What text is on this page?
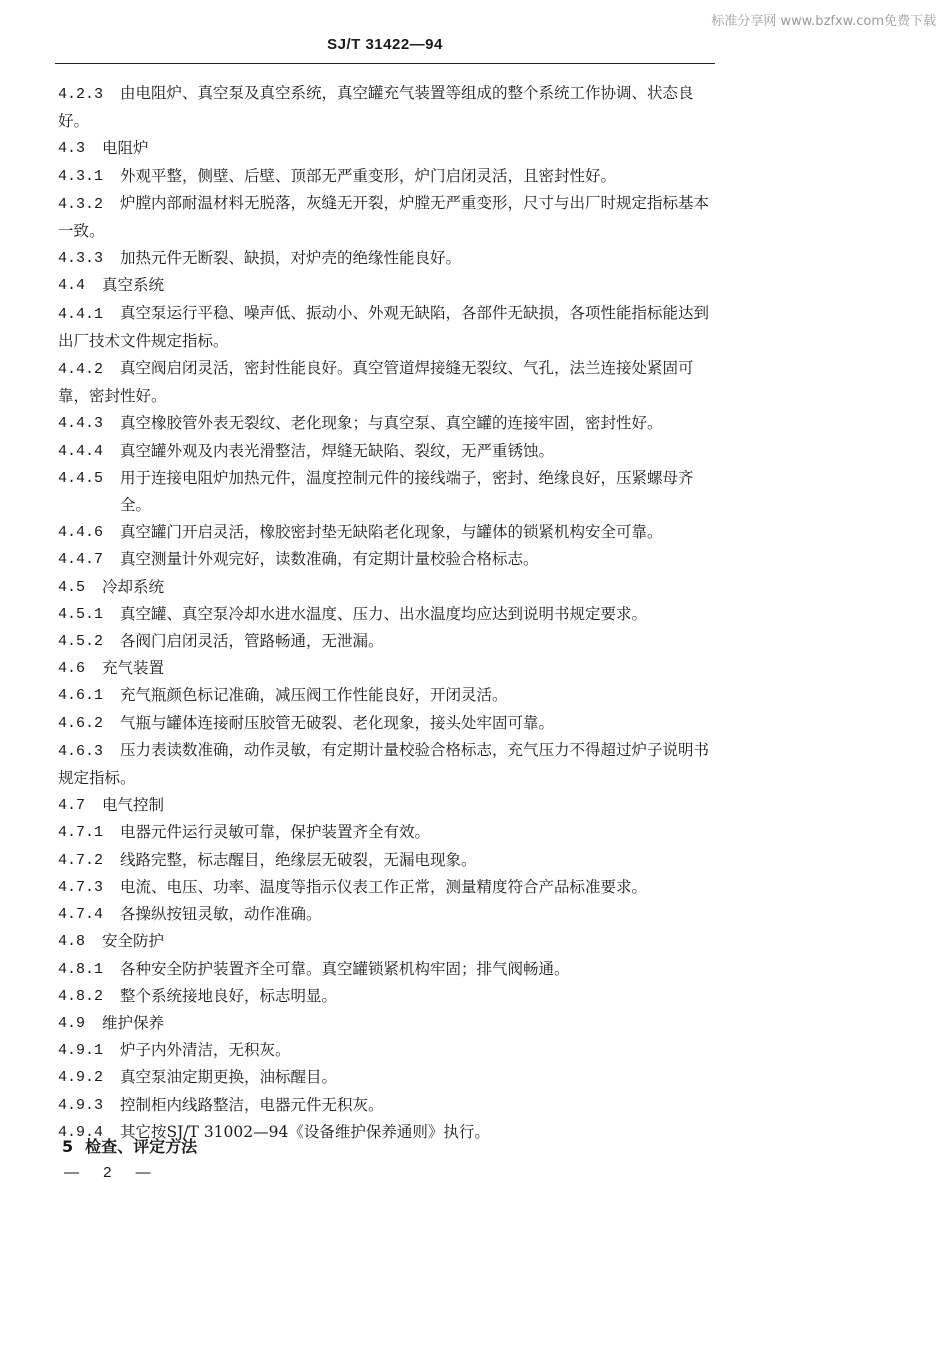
标准分享网 www.bzfxw.com免费下载
SJ/T 31422—94
4.2.3 由电阻炉、真空泵及真空系统，真空罐充气装置等组成的整个系统工作协调、状态良好。
4.3	电阻炉
4.3.1	外观平整，侧壁、后壁、顶部无严重变形，炉门启闭灵活，且密封性好。
4.3.2 炉膛内部耐温材料无脱落，灰缝无开裂，炉膛无严重变形，尺寸与出厂时规定指标基本一致。
4.3.3	加热元件无断裂、缺损，对炉壳的绝缘性能良好。
4.4	真空系统
4.4.1 真空泵运行平稳、噪声低、振动小、外观无缺陷，各部件无缺损，各项性能指标能达到出厂技术文件规定指标。
4.4.2 真空阀启闭灵活，密封性能良好。真空管道焊接缝无裂纹、气孔，法兰连接处紧固可靠，密封性好。
4.4.3	真空橡胶管外表无裂纹、老化现象；与真空泵、真空罐的连接牢固，密封性好。
4.4.4	真空罐外观及内表光滑整洁，焊缝无缺陷、裂纹，无严重锈蚀。
4.4.5	用于连接电阻炉加热元件，温度控制元件的接线端子，密封、绝缘良好，压紧螺母齐全。
4.4.6	真空罐门开启灵活，橡胶密封垫无缺陷老化现象，与罐体的锁紧机构安全可靠。
4.4.7	真空测量计外观完好，读数准确，有定期计量校验合格标志。
4.5	冷却系统
4.5.1	真空罐、真空泵冷却水进水温度、压力、出水温度均应达到说明书规定要求。
4.5.2	各阀门启闭灵活，管路畅通，无泄漏。
4.6	充气装置
4.6.1	充气瓶颜色标记准确，减压阀工作性能良好，开闭灵活。
4.6.2	气瓶与罐体连接耐压胶管无破裂、老化现象，接头处牢固可靠。
4.6.3 压力表读数准确，动作灵敏，有定期计量校验合格标志，充气压力不得超过炉子说明书规定指标。
4.7	电气控制
4.7.1	电器元件运行灵敏可靠，保护装置齐全有效。
4.7.2	线路完整，标志醒目，绝缘层无破裂，无漏电现象。
4.7.3	电流、电压、功率、温度等指示仪表工作正常，测量精度符合产品标准要求。
4.7.4	各操纵按钮灵敏，动作准确。
4.8	安全防护
4.8.1	各种安全防护装置齐全可靠。真空罐锁紧机构牢固；排气阀畅通。
4.8.2	整个系统接地良好，标志明显。
4.9	维护保养
4.9.1	炉子内外清洁，无积灰。
4.9.2	真空泵油定期更换，油标醒目。
4.9.3	控制柜内线路整洁，电器元件无积灰。
4.9.4	其它按SJ/T 31002—94《设备维护保养通则》执行。
5 检查、评定方法
— 2 —
